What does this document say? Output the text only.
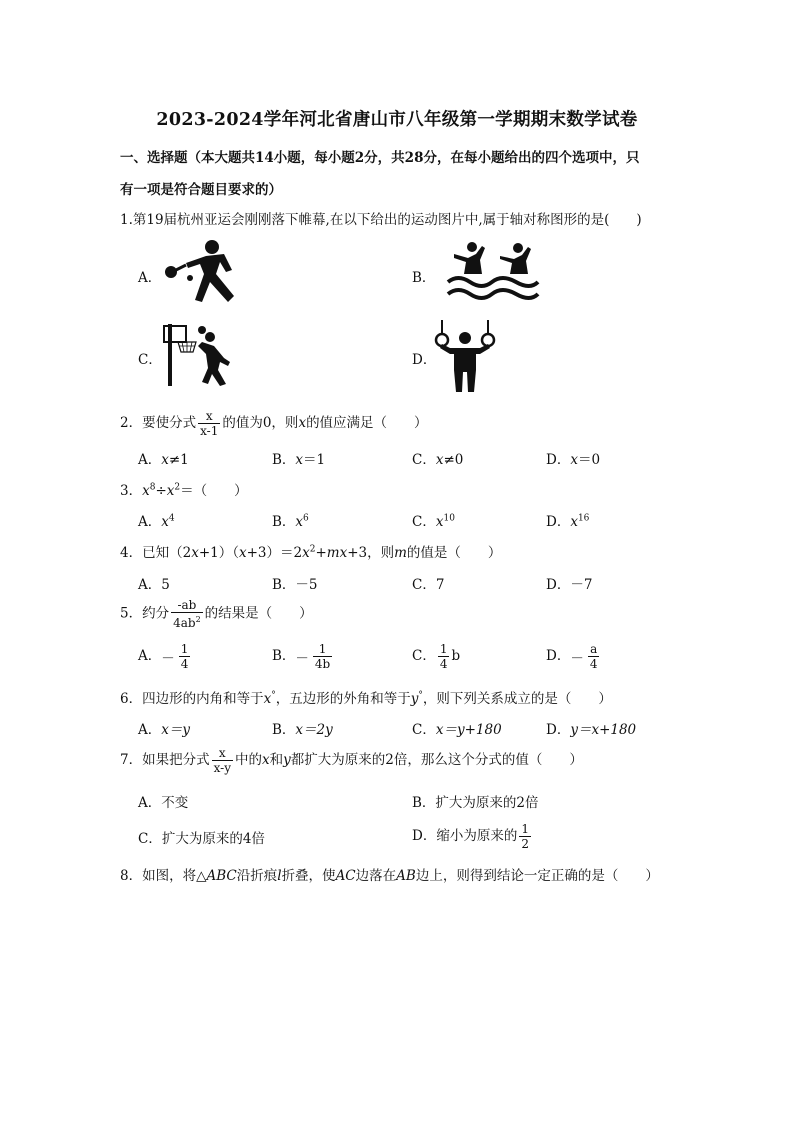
2023-2024学年河北省唐山市八年级第一学期期末数学试卷
一、选择题（本大题共14小题，每小题2分，共28分，在每小题给出的四个选项中，只
有一项是符合题目要求的）
1.第19届杭州亚运会刚刚落下帷幕,在以下给出的运动图片中,属于轴对称图形的是(　　)
A．	B．
C．	D．
2．要使分式 $\frac{x}{x-1}$ 的值为0，则x的值应满足（　　）
A．x≠1	B．x＝1	C．x≠0	D．x＝0
3．$x^8\div x^2=$（　　）
A．$x^4$	B．$x^6$	C．$x^{10}$	D．$x^{16}$
4．已知$(2x+1)(x+3)=2x^2+mx+3$，则m的值是（　　）
A．5	B．－5	C．7	D．－7
5．约分 $\frac{-ab}{4ab^2}$ 的结果是（　　）
A．－ $\frac{1}{4}$	B．－ $\frac{1}{4b}$	C． $\frac{1}{4}$ b	D．－ $\frac{a}{4}$
6．四边形的内角和等于x°，五边形的外角和等于y°，则下列关系成立的是（　　）
A．x＝y	B．x＝2y	C．x＝y+180	D．y＝x+180
7．如果把分式 $\frac{x}{x-y}$ 中的x和y都扩大为原来的2倍，那么这个分式的值（　　）
A．不变	B．扩大为原来的2倍
C．扩大为原来的4倍	D．缩小为原来的 $\frac{1}{2}$
8．如图，将△ABC沿折痕l折叠，使AC边落在AB边上，则得到结论一定正确的是（　　）
